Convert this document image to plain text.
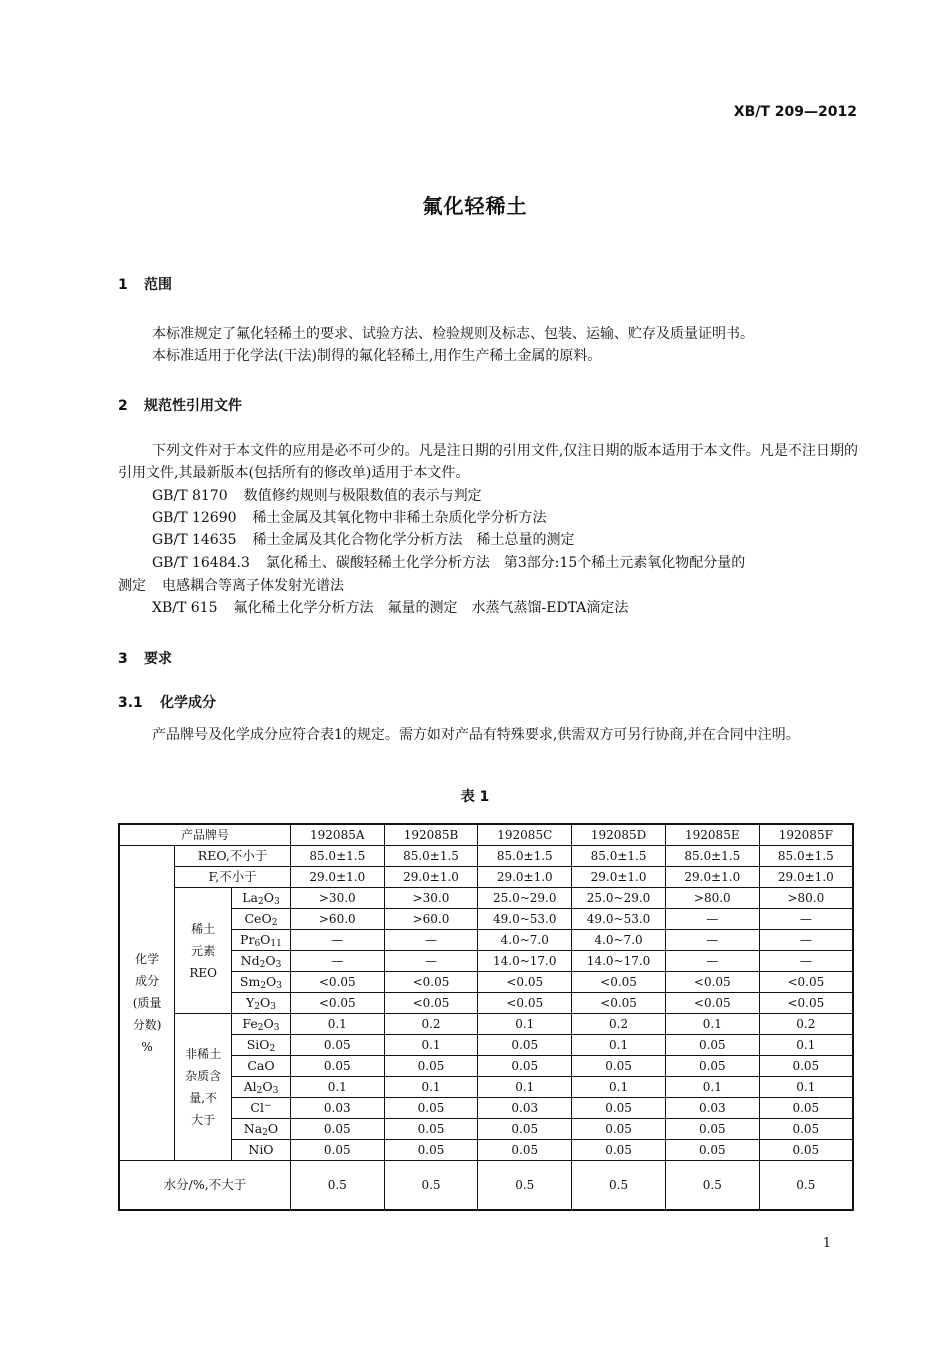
XB/T 209—2012
氟化轻稀土
1 范围
本标准规定了氟化轻稀土的要求、试验方法、检验规则及标志、包装、运输、贮存及质量证明书。
本标准适用于化学法(干法)制得的氟化轻稀土,用作生产稀土金属的原料。
2 规范性引用文件
下列文件对于本文件的应用是必不可少的。凡是注日期的引用文件,仅注日期的版本适用于本文件。凡是不注日期的引用文件,其最新版本(包括所有的修改单)适用于本文件。
GB/T 8170 数值修约规则与极限数值的表示与判定
GB/T 12690 稀土金属及其氧化物中非稀土杂质化学分析方法
GB/T 14635 稀土金属及其化合物化学分析方法　稀土总量的测定
GB/T 16484.3 氯化稀土、碳酸轻稀土化学分析方法　第3部分:15个稀土元素氧化物配分量的
测定 电感耦合等离子体发射光谱法
XB/T 615 氟化稀土化学分析方法　氟量的测定　水蒸气蒸馏-EDTA滴定法
3 要求
3.1 化学成分
产品牌号及化学成分应符合表1的规定。需方如对产品有特殊要求,供需双方可另行协商,并在合同中注明。
表 1
产品牌号			192085A	192085B	192085C	192085D	192085E	192085F

化学
成分
(质量
分数)
%	REO,不小于		85.0±1.5	85.0±1.5	85.0±1.5	85.0±1.5	85.0±1.5	85.0±1.5
	F,不小于		29.0±1.0	29.0±1.0	29.0±1.0	29.0±1.0	29.0±1.0	29.0±1.0

	稀土
元素
REO	$La_2O_3$	>30.0	>30.0	25.0~29.0	25.0~29.0	>80.0	>80.0
		CeO$_2$	>60.0	>60.0	49.0~53.0	49.0~53.0	—	—
		$Pr_6O_{11}$	—	—	4.0~7.0	4.0~7.0	—	—
		$Nd_2O_3$	—	—	14.0~17.0	14.0~17.0	—	—
		$Sm_2O_3$	<0.05	<0.05	<0.05	<0.05	<0.05	<0.05
		$Y_2O_3$	<0.05	<0.05	<0.05	<0.05	<0.05	<0.05

	非稀土
杂质含
量,不
大于	$Fe_2O_3$	0.1	0.2	0.1	0.2	0.1	0.2
		SiO$_2$	0.05	0.1	0.05	0.1	0.05	0.1
		CaO	0.05	0.05	0.05	0.05	0.05	0.05
		$Al_2O_3$	0.1	0.1	0.1	0.1	0.1	0.1
		Cl−	0.03	0.05	0.03	0.05	0.03	0.05
		$Na_2O$	0.05	0.05	0.05	0.05	0.05	0.05
		NiO	0.05	0.05	0.05	0.05	0.05	0.05
水分/%,不大于			0.5	0.5	0.5	0.5	0.5	0.5
1
